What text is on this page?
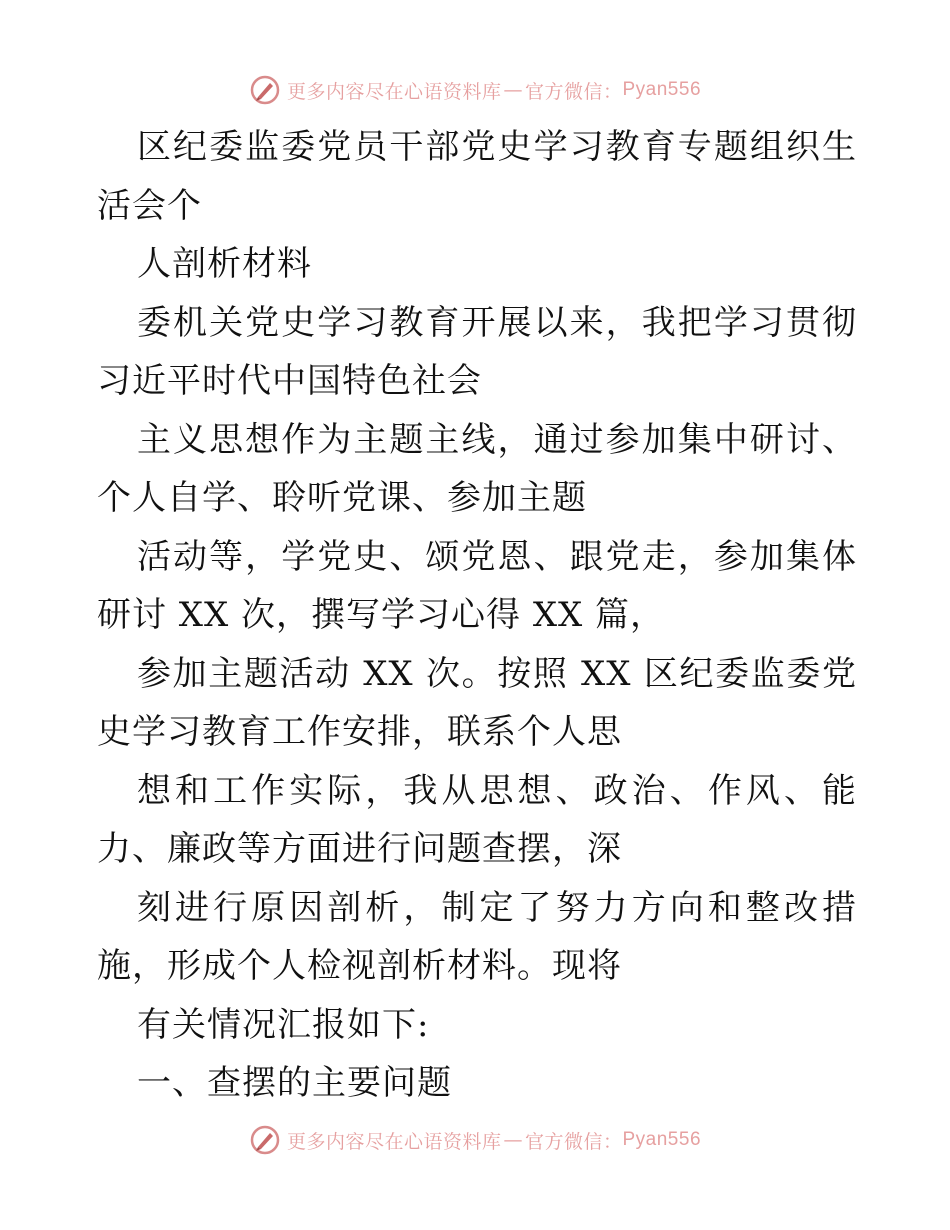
更多内容尽在心语资料库 — 官方微信： Pyan556

区纪委监委党员干部党史学习教育专题组织生活会个

人剖析材料

委机关党史学习教育开展以来，我把学习贯彻习近平时代中国特色社会

主义思想作为主题主线，通过参加集中研讨、个人自学、聆听党课、参加主题

活动等，学党史、颂党恩、跟党走，参加集体研讨 XX 次，撰写学习心得 XX 篇，

参加主题活动 XX 次。按照 XX 区纪委监委党史学习教育工作安排，联系个人思

想和工作实际，我从思想、政治、作风、能力、廉政等方面进行问题查摆，深

刻进行原因剖析，制定了努力方向和整改措施，形成个人检视剖析材料。现将

有关情况汇报如下:

一、查摆的主要问题

更多内容尽在心语资料库 — 官方微信： Pyan556
